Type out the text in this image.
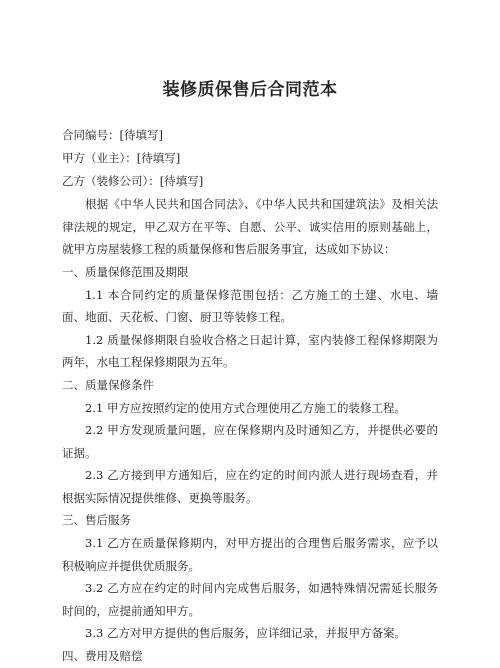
装修质保售后合同范本

合同编号：[待填写]

甲方（业主）：[待填写]

乙方（装修公司）：[待填写]

根据《中华人民共和国合同法》、《中华人民共和国建筑法》及相关法律法规的规定，甲乙双方在平等、自愿、公平、诚实信用的原则基础上，就甲方房屋装修工程的质量保修和售后服务事宜，达成如下协议：

一、质量保修范围及期限

1.1 本合同约定的质量保修范围包括：乙方施工的土建、水电、墙面、地面、天花板、门窗、厨卫等装修工程。

1.2 质量保修期限自验收合格之日起计算，室内装修工程保修期限为两年，水电工程保修期限为五年。

二、质量保修条件

2.1 甲方应按照约定的使用方式合理使用乙方施工的装修工程。

2.2 甲方发现质量问题，应在保修期内及时通知乙方，并提供必要的证据。

2.3 乙方接到甲方通知后，应在约定的时间内派人进行现场查看，并根据实际情况提供维修、更换等服务。

三、售后服务

3.1 乙方在质量保修期内，对甲方提出的合理售后服务需求，应予以积极响应并提供优质服务。

3.2 乙方应在约定的时间内完成售后服务，如遇特殊情况需延长服务时间的，应提前通知甲方。

3.3 乙方对甲方提供的售后服务，应详细记录，并报甲方备案。

四、费用及赔偿
